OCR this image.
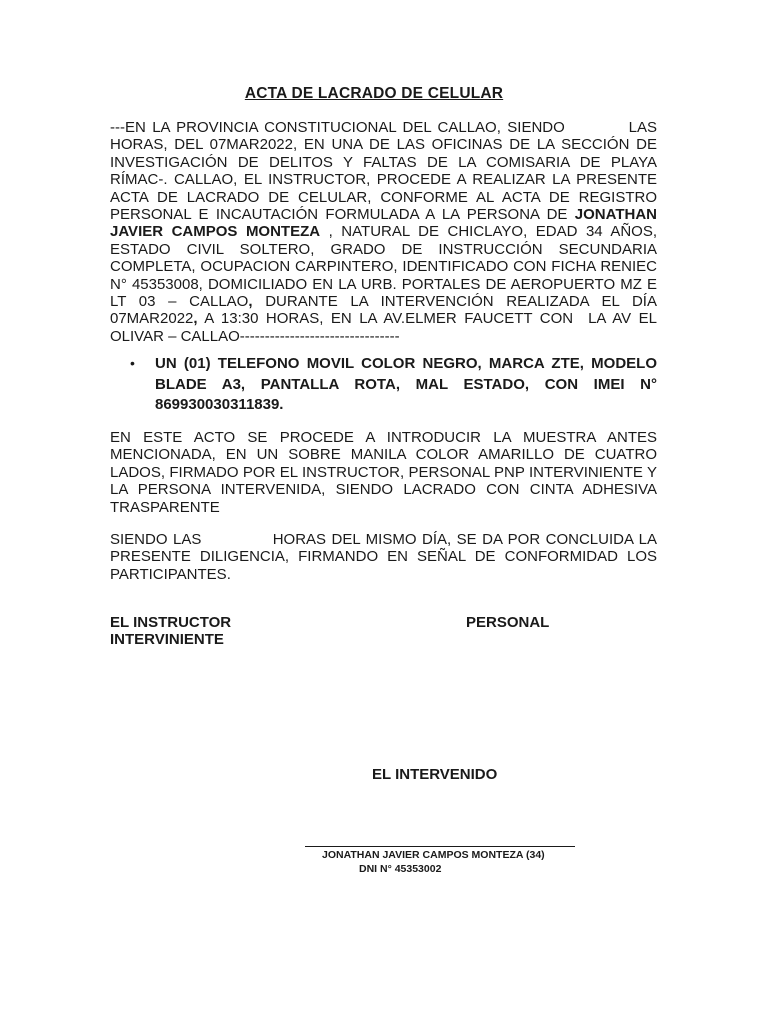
ACTA DE LACRADO DE CELULAR
---EN LA PROVINCIA CONSTITUCIONAL DEL CALLAO, SIENDO          LAS HORAS, DEL 07MAR2022, EN UNA DE LAS OFICINAS DE LA SECCIÓN DE INVESTIGACIÓN DE DELITOS Y FALTAS DE LA COMISARIA DE PLAYA RÍMAC-. CALLAO, EL INSTRUCTOR, PROCEDE A REALIZAR LA PRESENTE ACTA DE LACRADO DE CELULAR, CONFORME AL ACTA DE REGISTRO PERSONAL E INCAUTACIÓN FORMULADA A LA PERSONA DE JONATHAN JAVIER CAMPOS MONTEZA , NATURAL DE CHICLAYO, EDAD 34 AÑOS, ESTADO CIVIL SOLTERO, GRADO DE INSTRUCCIÓN SECUNDARIA COMPLETA, OCUPACION CARPINTERO, IDENTIFICADO CON FICHA RENIEC N° 45353008, DOMICILIADO EN LA URB. PORTALES DE AEROPUERTO MZ E LT 03 – CALLAO, DURANTE LA INTERVENCIÓN REALIZADA EL DÍA 07MAR2022, A 13:30 HORAS, EN LA AV.ELMER FAUCETT CON  LA AV EL OLIVAR – CALLAO--------------------------------
• UN (01) TELEFONO MOVIL COLOR NEGRO, MARCA ZTE, MODELO BLADE A3, PANTALLA ROTA, MAL ESTADO, CON IMEI N° 869930030311839.
EN ESTE ACTO SE PROCEDE A INTRODUCIR LA MUESTRA ANTES MENCIONADA, EN UN SOBRE MANILA COLOR AMARILLO DE CUATRO LADOS, FIRMADO POR EL INSTRUCTOR, PERSONAL PNP INTERVINIENTE Y LA PERSONA INTERVENIDA, SIENDO LACRADO CON CINTA ADHESIVA TRASPARENTE
SIENDO LAS             HORAS DEL MISMO DÍA, SE DA POR CONCLUIDA LA PRESENTE DILIGENCIA, FIRMANDO EN SEÑAL DE CONFORMIDAD LOS PARTICIPANTES.
EL INSTRUCTOR	PERSONAL
INTERVINIENTE
EL INTERVENIDO
JONATHAN JAVIER CAMPOS MONTEZA (34)
DNI N° 45353002
